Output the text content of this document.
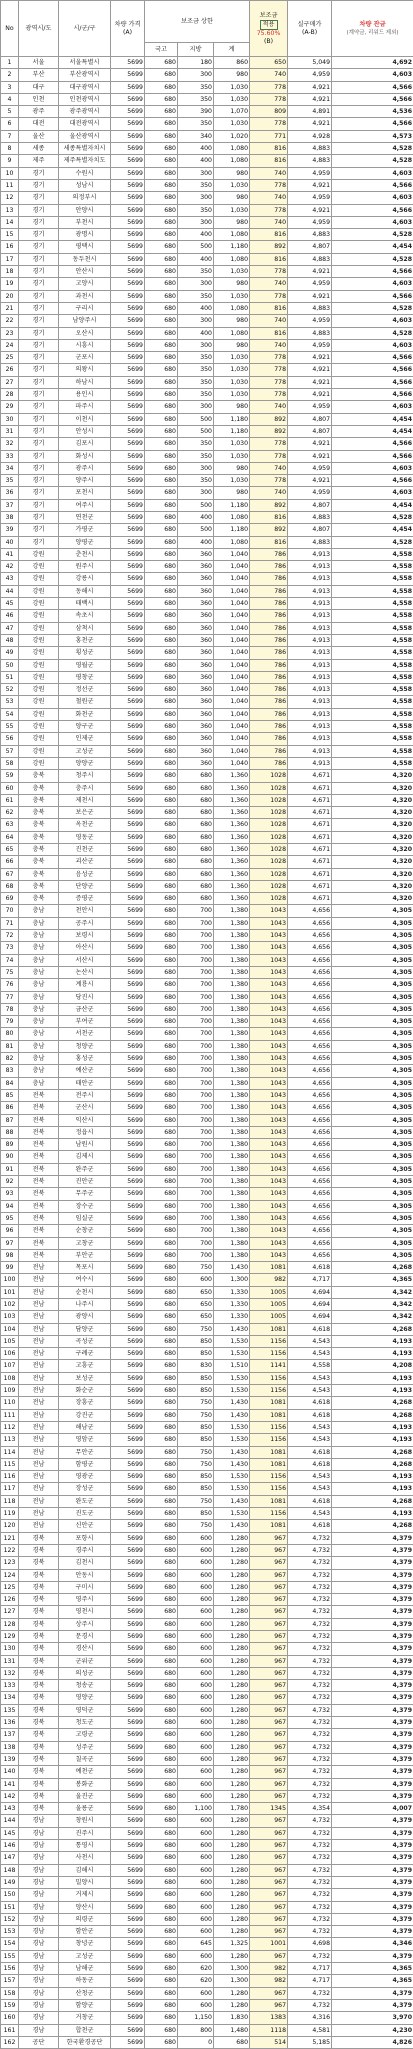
No	광역시/도	시/군/구	차량 가격
(A)	보조금 상한			보조금
적용
75.60%
(B)	실구매가
(A-B)	차량 잔금
(계약금, 리워드 제외)

				국고	지방	계			
1	서울	서울특별시	5699	680	180	860	650	5,049	4,692
2	부산	부산광역시	5699	680	300	980	740	4,959	4,603
3	대구	대구광역시	5699	680	350	1,030	778	4,921	4,566
4	인천	인천광역시	5699	680	350	1,030	778	4,921	4,566
5	광주	광주광역시	5699	680	390	1,070	809	4,891	4,536
6	대전	대전광역시	5699	680	350	1,030	778	4,921	4,566
7	울산	울산광역시	5699	680	340	1,020	771	4,928	4,573
8	세종	세종특별자치시	5699	680	400	1,080	816	4,883	4,528
9	제주	제주특별자치도	5699	680	400	1,080	816	4,883	4,528
10	경기	수원시	5699	680	300	980	740	4,959	4,603
11	경기	성남시	5699	680	350	1,030	778	4,921	4,566
12	경기	의정부시	5699	680	300	980	740	4,959	4,603
13	경기	안양시	5699	680	350	1,030	778	4,921	4,566
14	경기	부천시	5699	680	300	980	740	4,959	4,603
15	경기	광명시	5699	680	400	1,080	816	4,883	4,528
16	경기	평택시	5699	680	500	1,180	892	4,807	4,454
17	경기	동두천시	5699	680	400	1,080	816	4,883	4,528
18	경기	안산시	5699	680	350	1,030	778	4,921	4,566
19	경기	고양시	5699	680	300	980	740	4,959	4,603
20	경기	과천시	5699	680	350	1,030	778	4,921	4,566
21	경기	구리시	5699	680	400	1,080	816	4,883	4,528
22	경기	남양주시	5699	680	300	980	740	4,959	4,603
23	경기	오산시	5699	680	400	1,080	816	4,883	4,528
24	경기	시흥시	5699	680	300	980	740	4,959	4,603
25	경기	군포시	5699	680	350	1,030	778	4,921	4,566
26	경기	의왕시	5699	680	350	1,030	778	4,921	4,566
27	경기	하남시	5699	680	350	1,030	778	4,921	4,566
28	경기	용인시	5699	680	350	1,030	778	4,921	4,566
29	경기	파주시	5699	680	300	980	740	4,959	4,603
30	경기	이천시	5699	680	500	1,180	892	4,807	4,454
31	경기	안성시	5699	680	500	1,180	892	4,807	4,454
32	경기	김포시	5699	680	350	1,030	778	4,921	4,566
33	경기	화성시	5699	680	350	1,030	778	4,921	4,566
34	경기	광주시	5699	680	300	980	740	4,959	4,603
35	경기	양주시	5699	680	350	1,030	778	4,921	4,566
36	경기	포천시	5699	680	300	980	740	4,959	4,603
37	경기	여주시	5699	680	500	1,180	892	4,807	4,454
38	경기	연천군	5699	680	400	1,080	816	4,883	4,528
39	경기	가평군	5699	680	500	1,180	892	4,807	4,454
40	경기	양평군	5699	680	400	1,080	816	4,883	4,528
41	강원	춘천시	5699	680	360	1,040	786	4,913	4,558
42	강원	원주시	5699	680	360	1,040	786	4,913	4,558
43	강원	강릉시	5699	680	360	1,040	786	4,913	4,558
44	강원	동해시	5699	680	360	1,040	786	4,913	4,558
45	강원	태백시	5699	680	360	1,040	786	4,913	4,558
46	강원	속초시	5699	680	360	1,040	786	4,913	4,558
47	강원	삼척시	5699	680	360	1,040	786	4,913	4,558
48	강원	홍천군	5699	680	360	1,040	786	4,913	4,558
49	강원	횡성군	5699	680	360	1,040	786	4,913	4,558
50	강원	영월군	5699	680	360	1,040	786	4,913	4,558
51	강원	평창군	5699	680	360	1,040	786	4,913	4,558
52	강원	정선군	5699	680	360	1,040	786	4,913	4,558
53	강원	철원군	5699	680	360	1,040	786	4,913	4,558
54	강원	화천군	5699	680	360	1,040	786	4,913	4,558
55	강원	양구군	5699	680	360	1,040	786	4,913	4,558
56	강원	인제군	5699	680	360	1,040	786	4,913	4,558
57	강원	고성군	5699	680	360	1,040	786	4,913	4,558
58	강원	양양군	5699	680	360	1,040	786	4,913	4,558
59	충북	청주시	5699	680	680	1,360	1028	4,671	4,320
60	충북	충주시	5699	680	680	1,360	1028	4,671	4,320
61	충북	제천시	5699	680	680	1,360	1028	4,671	4,320
62	충북	보은군	5699	680	680	1,360	1028	4,671	4,320
63	충북	옥천군	5699	680	680	1,360	1028	4,671	4,320
64	충북	영동군	5699	680	680	1,360	1028	4,671	4,320
65	충북	진천군	5699	680	680	1,360	1028	4,671	4,320
66	충북	괴산군	5699	680	680	1,360	1028	4,671	4,320
67	충북	음성군	5699	680	680	1,360	1028	4,671	4,320
68	충북	단양군	5699	680	680	1,360	1028	4,671	4,320
69	충북	증평군	5699	680	680	1,360	1028	4,671	4,320
70	충남	천안시	5699	680	700	1,380	1043	4,656	4,305
71	충남	공주시	5699	680	700	1,380	1043	4,656	4,305
72	충남	보령시	5699	680	700	1,380	1043	4,656	4,305
73	충남	아산시	5699	680	700	1,380	1043	4,656	4,305
74	충남	서산시	5699	680	700	1,380	1043	4,656	4,305
75	충남	논산시	5699	680	700	1,380	1043	4,656	4,305
76	충남	계룡시	5699	680	700	1,380	1043	4,656	4,305
77	충남	당진시	5699	680	700	1,380	1043	4,656	4,305
78	충남	금산군	5699	680	700	1,380	1043	4,656	4,305
79	충남	부여군	5699	680	700	1,380	1043	4,656	4,305
80	충남	서천군	5699	680	700	1,380	1043	4,656	4,305
81	충남	청양군	5699	680	700	1,380	1043	4,656	4,305
82	충남	홍성군	5699	680	700	1,380	1043	4,656	4,305
83	충남	예산군	5699	680	700	1,380	1043	4,656	4,305
84	충남	태안군	5699	680	700	1,380	1043	4,656	4,305
85	전북	전주시	5699	680	700	1,380	1043	4,656	4,305
86	전북	군산시	5699	680	700	1,380	1043	4,656	4,305
87	전북	익산시	5699	680	700	1,380	1043	4,656	4,305
88	전북	정읍시	5699	680	700	1,380	1043	4,656	4,305
89	전북	남원시	5699	680	700	1,380	1043	4,656	4,305
90	전북	김제시	5699	680	700	1,380	1043	4,656	4,305
91	전북	완주군	5699	680	700	1,380	1043	4,656	4,305
92	전북	진안군	5699	680	700	1,380	1043	4,656	4,305
93	전북	무주군	5699	680	700	1,380	1043	4,656	4,305
94	전북	장수군	5699	680	700	1,380	1043	4,656	4,305
95	전북	임실군	5699	680	700	1,380	1043	4,656	4,305
96	전북	순창군	5699	680	700	1,380	1043	4,656	4,305
97	전북	고창군	5699	680	700	1,380	1043	4,656	4,305
98	전북	부안군	5699	680	700	1,380	1043	4,656	4,305
99	전남	목포시	5699	680	750	1,430	1081	4,618	4,268
100	전남	여수시	5699	680	600	1,300	982	4,717	4,365
101	전남	순천시	5699	680	650	1,330	1005	4,694	4,342
102	전남	나주시	5699	680	650	1,330	1005	4,694	4,342
103	전남	광양시	5699	680	650	1,330	1005	4,694	4,342
104	전남	담양군	5699	680	750	1,430	1081	4,618	4,268
105	전남	곡성군	5699	680	850	1,530	1156	4,543	4,193
106	전남	구례군	5699	680	850	1,530	1156	4,543	4,193
107	전남	고흥군	5699	680	830	1,510	1141	4,558	4,208
108	전남	보성군	5699	680	850	1,530	1156	4,543	4,193
109	전남	화순군	5699	680	850	1,530	1156	4,543	4,193
110	전남	장흥군	5699	680	750	1,430	1081	4,618	4,268
111	전남	강진군	5699	680	750	1,430	1081	4,618	4,268
112	전남	해남군	5699	680	850	1,530	1156	4,543	4,193
113	전남	영암군	5699	680	850	1,530	1156	4,543	4,193
114	전남	무안군	5699	680	750	1,430	1081	4,618	4,268
115	전남	함평군	5699	680	750	1,430	1081	4,618	4,268
116	전남	영광군	5699	680	850	1,530	1156	4,543	4,193
117	전남	장성군	5699	680	850	1,530	1156	4,543	4,193
118	전남	완도군	5699	680	750	1,430	1081	4,618	4,268
119	전남	진도군	5699	680	850	1,530	1156	4,543	4,193
120	전남	신안군	5699	680	750	1,430	1081	4,618	4,268
121	경북	포항시	5699	680	600	1,280	967	4,732	4,379
122	경북	경주시	5699	680	600	1,280	967	4,732	4,379
123	경북	김천시	5699	680	600	1,280	967	4,732	4,379
124	경북	안동시	5699	680	600	1,280	967	4,732	4,379
125	경북	구미시	5699	680	600	1,280	967	4,732	4,379
126	경북	영주시	5699	680	600	1,280	967	4,732	4,379
127	경북	영천시	5699	680	600	1,280	967	4,732	4,379
128	경북	상주시	5699	680	600	1,280	967	4,732	4,379
129	경북	문경시	5699	680	600	1,280	967	4,732	4,379
130	경북	경산시	5699	680	600	1,280	967	4,732	4,379
131	경북	군위군	5699	680	600	1,280	967	4,732	4,379
132	경북	의성군	5699	680	600	1,280	967	4,732	4,379
133	경북	청송군	5699	680	600	1,280	967	4,732	4,379
134	경북	영양군	5699	680	600	1,280	967	4,732	4,379
135	경북	영덕군	5699	680	600	1,280	967	4,732	4,379
136	경북	청도군	5699	680	600	1,280	967	4,732	4,379
137	경북	고령군	5699	680	600	1,280	967	4,732	4,379
138	경북	성주군	5699	680	600	1,280	967	4,732	4,379
139	경북	칠곡군	5699	680	600	1,280	967	4,732	4,379
140	경북	예천군	5699	680	600	1,280	967	4,732	4,379
141	경북	봉화군	5699	680	600	1,280	967	4,732	4,379
142	경북	울진군	5699	680	600	1,280	967	4,732	4,379
143	경북	울릉군	5699	680	1,100	1,780	1345	4,354	4,007
144	경남	창원시	5699	680	600	1,280	967	4,732	4,379
145	경남	진주시	5699	680	600	1,280	967	4,732	4,379
146	경남	통영시	5699	680	600	1,280	967	4,732	4,379
147	경남	사천시	5699	680	600	1,280	967	4,732	4,379
148	경남	김해시	5699	680	600	1,280	967	4,732	4,379
149	경남	밀양시	5699	680	600	1,280	967	4,732	4,379
150	경남	거제시	5699	680	600	1,280	967	4,732	4,379
151	경남	양산시	5699	680	600	1,280	967	4,732	4,379
152	경남	의령군	5699	680	600	1,280	967	4,732	4,379
153	경남	함안군	5699	680	600	1,280	967	4,732	4,379
154	경남	창녕군	5699	680	645	1,325	1001	4,698	4,346
155	경남	고성군	5699	680	600	1,280	967	4,732	4,379
156	경남	남해군	5699	680	620	1,300	982	4,717	4,365
157	경남	하동군	5699	680	620	1,300	982	4,717	4,365
158	경남	산청군	5699	680	600	1,280	967	4,732	4,379
159	경남	함양군	5699	680	600	1,280	967	4,732	4,379
160	경남	거창군	5699	680	1,150	1,830	1383	4,316	3,970
161	경남	합천군	5699	680	800	1,480	1118	4,581	4,230
162	공단	한국환경공단	5699	680	0	680	514	5,185	4,826
